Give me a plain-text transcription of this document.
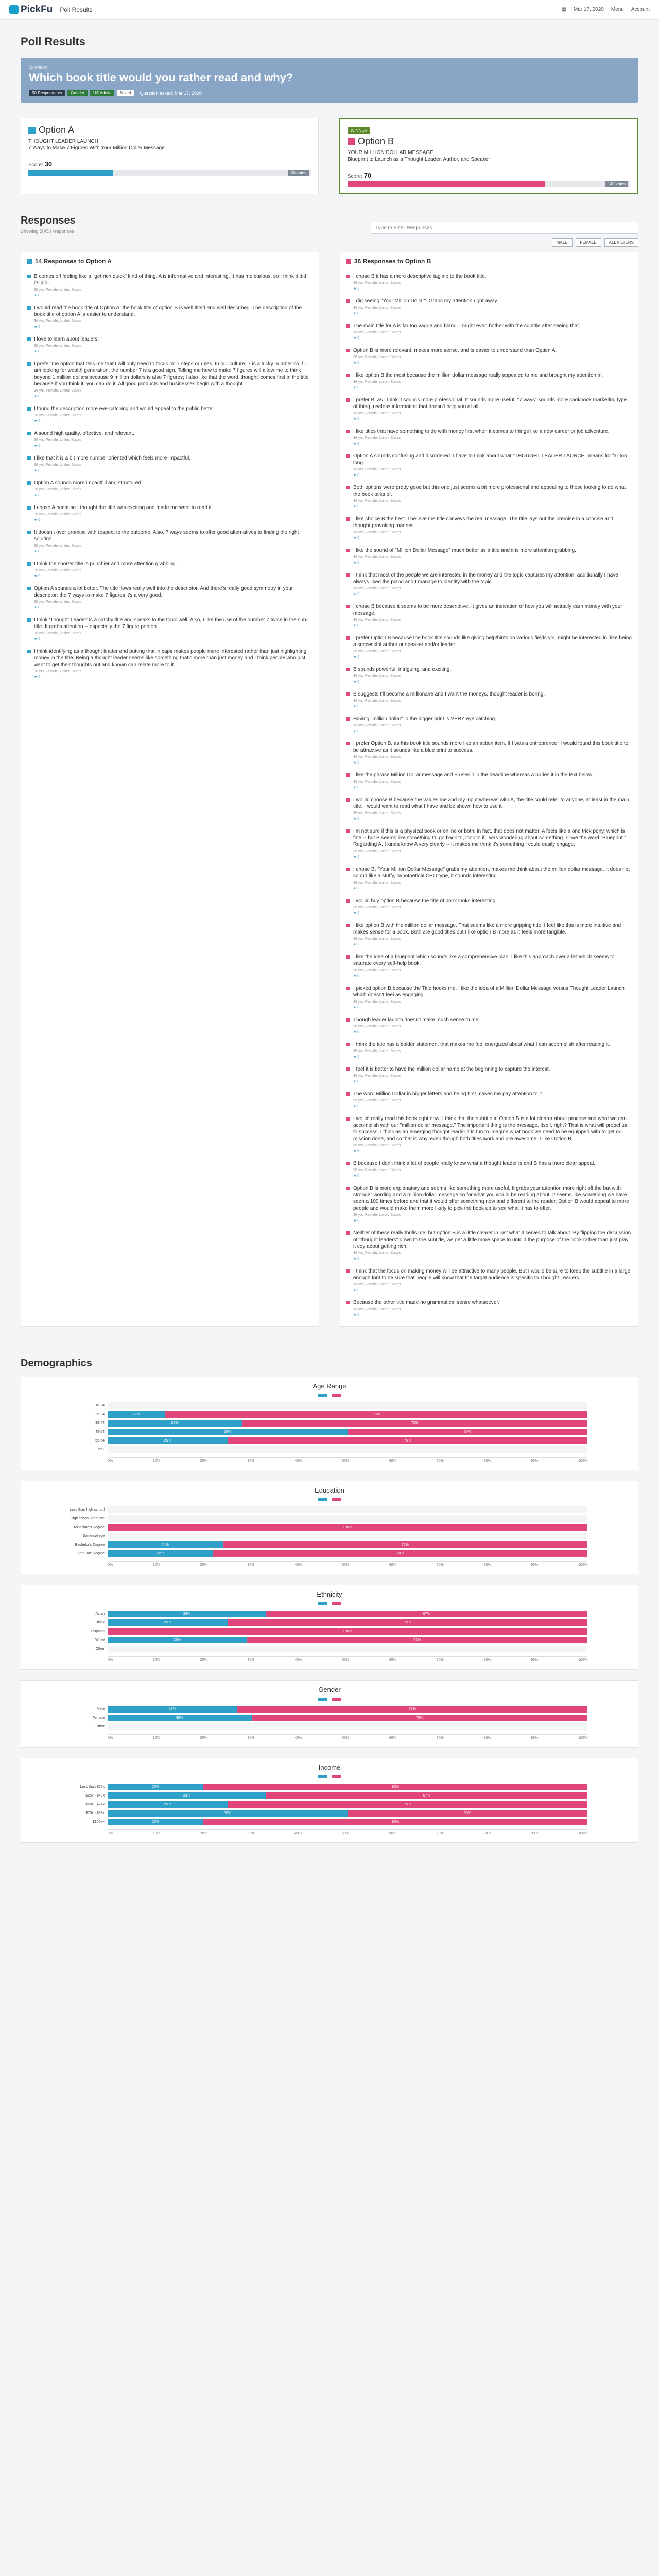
PickFu Poll Results	▦ Mar 17, 2020 Menu Account
Poll Results
Question
Which book title would you rather read and why?
50 Respondents	Gender	US Adults	Mixed	Question asked: Mar 17, 2020
Option A
THOUGHT LEADER LAUNCH
7 Ways to Make 7 Figures With Your Million Dollar Message
Score: 30
60 votes
WINNER
Option B
YOUR MILLION DOLLAR MESSAGE
Blueprint to Launch as a Thought Leader, Author, and Speaker
Score: 70
140 votes
Responses
Showing 50/50 responses
Type to Filter Responses
MALE	FEMALE	ALL FILTERS
14 Responses to Option A
B comes off feeling like a "get rich quick" kind of thing. A is informative and interesting. It has me curious, so I think it did its job.
36 yrs, Female, United States
★ 0
I would read the book title of Option A; the book title of option B is well titled and well described. The description of the book title of option A is easier to understand.
36 yrs, Female, United States
★ 0
I love to learn about leaders.
36 yrs, Female, United States
★ 0
I prefer the option that tells me that I will only need to focus on 7 steps or rules. In our culture, 7 is a lucky number so if I am looking for wealth generation, the number 7 is a good sign. Telling me how to make 7 figures will allow me to think beyond 1 million dollars because 9 million dollars is also 7 figures; I also like that the word 'thought' comes first in the title because if you think it, you can do it. All good products and businesses begin with a thought.
36 yrs, Female, United States
★ 0
I found the description more eye-catching and would appeal to the public better.
36 yrs, Female, United States
★ 0
A sound high quality, effective, and relevant.
36 yrs, Female, United States
★ 0
I like that it is a bit more number oriented which feels more impactful.
36 yrs, Female, United States
★ 0
Option A sounds more impactful and structured.
36 yrs, Female, United States
★ 0
I chose A because I thought the title was exciting and made me want to read it.
36 yrs, Female, United States
★ 0
It doesn't over promise with respect to the outcome. Also, 7 ways seems to offer good alternatives to finding the right solution.
36 yrs, Female, United States
★ 0
I think the shorter title is punchier and more attention grabbing.
36 yrs, Female, United States
★ 0
Option A sounds a lot better. The title flows really well into the descriptor. And there's really good symmetry in your descriptor: the 7 ways to make 7 figures it's a very good.
36 yrs, Female, United States
★ 0
I think 'Thought Leader' is a catchy title and speaks to the topic well. Also, I like the use of the number 7 twice in the sub-title. It grabs attention -- especially the 7 figure portion.
36 yrs, Female, United States
★ 0
I think identifying as a thought leader and putting that in caps makes people more interested rather than just highlighting money in the title. Being a thought leader seems like something that's more than just money and I think people who just want to get their thoughts out and known can relate more to it.
36 yrs, Female, United States
★ 0
36 Responses to Option B
I chose B it has a more descriptive tagline to the book title.
36 yrs, Female, United States
★ 0
I dig seeing "Your Million Dollar". Grabs my attention right away.
36 yrs, Female, United States
★ 0
The main title for A is far too vague and bland. I might even bother with the subtitle after seeing that.
36 yrs, Female, United States
★ 0
Option B is more relevant, makes more sense, and is easier to understand than Option A.
36 yrs, Female, United States
★ 0
I like option B the most because the million dollar message really appealed to me and brought my attention in.
36 yrs, Female, United States
★ 0
I prefer B, as I think it sounds more professional. It sounds more useful. "7 ways" sounds more cookbook marketing type of thing, useless information that doesn't help you at all.
36 yrs, Female, United States
★ 0
I like titles that have something to do with money first when it comes to things like a new career or job adventure.
36 yrs, Female, United States
★ 0
Option A sounds confusing and disordered. I have to think about what "THOUGHT LEADER LAUNCH" means for far too long.
36 yrs, Female, United States
★ 0
Both options were pretty good but this one just seems a bit more professional and appealing to those looking to do what the book talks of.
36 yrs, Female, United States
★ 0
I like choice B the best. I believe the title conveys the real message. The title lays out the premise in a concise and thought provoking manner.
36 yrs, Female, United States
★ 0
I like the sound of "Million Dollar Message" much better as a title and it is more attention grabbing.
36 yrs, Female, United States
★ 0
I think that most of the people we are interested in the money and the topic captures my attention, additionally I have always liked the piano and I manage to identify with the topic.
36 yrs, Female, United States
★ 0
I chose B because it seems to be more descriptive. It gives an indication of how you will actually earn money with your message.
36 yrs, Female, United States
★ 0
I prefer Option B because the book title sounds like giving help/hints on various fields you might be interested in, like being a successful author or speaker and/or leader.
36 yrs, Female, United States
★ 0
B sounds powerful, intriguing, and exciting.
36 yrs, Female, United States
★ 0
B suggests I'll become a millionaire and I want the moneys, thought leader is boring.
36 yrs, Female, United States
★ 0
Having "million dollar" in the bigger print is VERY eye catching.
36 yrs, Female, United States
★ 0
I prefer Option B, as this book title sounds more like an action item. If I was a entrepreneur I would found this book title to be attractive as it sounds like a blue print to success.
36 yrs, Female, United States
★ 0
I like the phrase Million Dollar message and B uses it in the headline whereas A buries it in the text below.
36 yrs, Female, United States
★ 0
I would choose B because the values me and my input whereas with A, the title could refer to anyone, at least in the main title. I would want to read what I have and be shown how to use it.
36 yrs, Female, United States
★ 0
I'm not sure if this is a physical book or online or both; in fact, that does not matter. A feels like a one trick pony, which is fine -- but B seems like something I'd go back to, look to if I was wondering about something. I love the word "Blueprint." Regarding A, I kinda know A very clearly -- it makes me think it's something I could easily engage.
36 yrs, Female, United States
★ 0
I chose B, "Your Million Dollar Message" grabs my attention, makes me think about the million dollar message. It does not sound like a stuffy, hypothetical CEO type, it sounds interesting.
36 yrs, Female, United States
★ 0
I would buy option B because the title of book looks interesting.
36 yrs, Female, United States
★ 0
I like option B with the million dollar message. That seems like a more gripping title. I feel like this is more intuitive and makes sense for a book. Both are good titles but I like option B more as it feels more tangible.
36 yrs, Female, United States
★ 0
I like the idea of a blueprint which sounds like a comprehensive plan. I like this approach over a list which seems to saturate every self-help book.
36 yrs, Female, United States
★ 0
I picked option B because the Title hooks me. I like the idea of a Million Dollar Message versus Thought Leader Launch which doesn't feel as engaging.
36 yrs, Female, United States
★ 0
Though leader launch doesn't make much sense to me.
36 yrs, Female, United States
★ 0
I think the title has a bolder statement that makes me feel energized about what I can accomplish after reading it.
36 yrs, Female, United States
★ 0
I feel it is better to have the million dollar name at the beginning to capture the interest.
36 yrs, Female, United States
★ 0
The word Million Dollar in bigger letters and being first makes me pay attention to it.
36 yrs, Female, United States
★ 0
I would really read this book right now! I think that the subtitle in Option B is a lot clearer about process and what we can accomplish with our "million dollar message." The important thing is the message, itself, right? That is what will propel us to success. I think as an emerging thought leader it is fun to imagine what book we need to be equipped with to get our mission done, and so that is why, even though both titles work and are awesome, I like Option B.
36 yrs, Female, United States
★ 0
B because I don't think a lot of people really know what a thought leader is and B has a more clear appeal.
36 yrs, Female, United States
★ 0
Option B is more explanatory and seems like something more useful. It grabs your attention more right off the bat with stronger wording and a million dollar message so for what you would be reading about. It seems like something we have seen a 100 times before and that it would offer something new and different to the reader. Option B would appeal to more people and would make them more likely to pick the book up to see what it has to offer.
36 yrs, Female, United States
★ 0
Neither of these really thrills me, but option B is a little clearer in just what it serves to talk about. By flipping the discussion of "thought leaders" down to the subtitle, we get a little more space to unfold the purpose of the book rather than just play it coy about getting rich.
36 yrs, Female, United States
★ 0
I think that the focus on making money will be attractive to many people. But I would be sure to keep the subtitle in a large enough font to be sure that people will know that the target audience is specific to Thought Leaders.
36 yrs, Female, United States
★ 0
Because the other title made no grammatical sense whatsoever.
36 yrs, Female, United States
★ 0
Demographics
Age Range
18-24
25-34	12%	88%
35-44	28%	72%
45-54	50%	50%
55-64	25%	75%
65+
0%	10%	20%	30%	40%	50%	60%	70%	80%	90%	100%
Education
Less than high school
High school graduate
Associate's Degree	100%
Some college
Bachelor's Degree	24%	76%
Graduate Degree	22%	78%
0%	10%	20%	30%	40%	50%	60%	70%	80%	90%	100%
Ethnicity
Asian	33%	67%
Black	25%	75%
Hispanic	100%
White	29%	71%
Other
0%	10%	20%	30%	40%	50%	60%	70%	80%	90%	100%
Gender
Male	27%	73%
Female	30%	70%
Other
0%	10%	20%	30%	40%	50%	60%	70%	80%	90%	100%
Income
Less than $25k	20%	80%
$25k - $49k	33%	67%
$50k - $74k	25%	75%
$75k - $99k	50%	50%
$100k+	20%	80%
0%	10%	20%	30%	40%	50%	60%	70%	80%	90%	100%
